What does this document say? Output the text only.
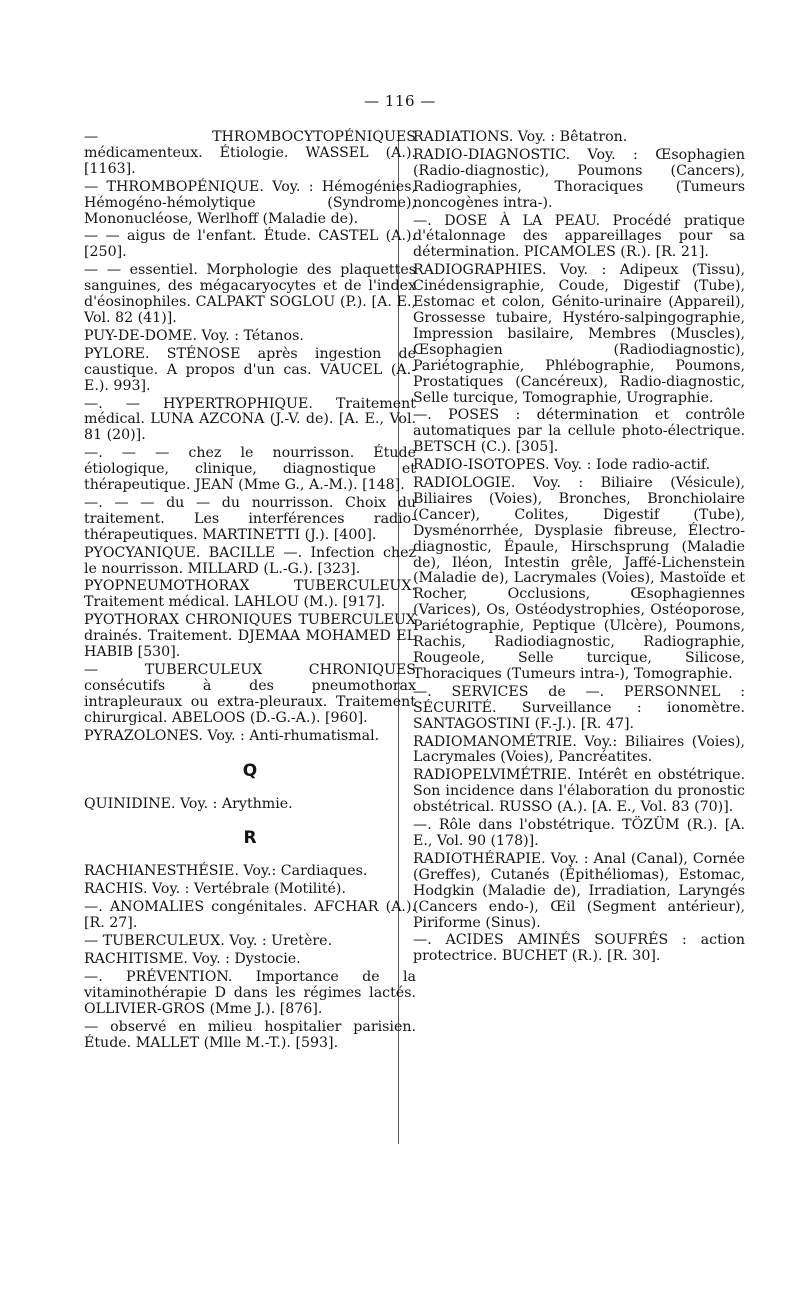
— 116 —

— THROMBOCYTOPÉNIQUES médicamenteux. Étiologie. WASSEL (A.). [1163].

— THROMBOPÉNIQUE. Voy. : Hémogénies, Hémogéno-hémolytique (Syndrome), Mononucléose, Werlhoff (Maladie de).

— — aigus de l'enfant. Étude. CASTEL (A.). [250].

— — essentiel. Morphologie des plaquettes sanguines, des mégacaryocytes et de l'index d'éosinophiles. CALPAKT SOGLOU (P.). [A. E., Vol. 82 (41)].

PUY-DE-DOME. Voy. : Tétanos.

PYLORE. STÉNOSE après ingestion de caustique. A propos d'un cas. VAUCEL (A.-E.). 993].

—. — HYPERTROPHIQUE. Traitement médical. LUNA AZCONA (J.-V. de). [A. E., Vol. 81 (20)].

—. — — chez le nourrisson. Étude étiologique, clinique, diagnostique et thérapeutique. JEAN (Mme G., A.-M.). [148].

—. — — du — du nourrisson. Choix du traitement. Les interférences radio-thérapeutiques. MARTINETTI (J.). [400].

PYOCYANIQUE. BACILLE —. Infection chez le nourrisson. MILLARD (L.-G.). [323].

PYOPNEUMOTHORAX TUBERCULEUX. Traitement médical. LAHLOU (M.). [917].

PYOTHORAX CHRONIQUES TUBERCULEUX drainés. Traitement. DJEMAA MOHAMED EL HABIB [530].

— TUBERCULEUX CHRONIQUES consécutifs à des pneumothorax intrapleuraux ou extra-pleuraux. Traitement chirurgical. ABELOOS (D.-G.-A.). [960].

PYRAZOLONES. Voy. : Anti-rhumatismal.

Q

QUINIDINE. Voy. : Arythmie.

R

RACHIANESTHÉSIE. Voy.: Cardiaques.

RACHIS. Voy. : Vertébrale (Motilité).

—. ANOMALIES congénitales. AFCHAR (A.). [R. 27].

— TUBERCULEUX. Voy. : Uretère.

RACHITISME. Voy. : Dystocie.

—. PRÉVENTION. Importance de la vitaminothérapie D dans les régimes lactés. OLLIVIER-GROS (Mme J.). [876].

— observé en milieu hospitalier parisien. Étude. MALLET (Mlle M.-T.). [593].

RADIATIONS. Voy. : Bêtatron.

RADIO-DIAGNOSTIC. Voy. : Œsophagien (Radio-diagnostic), Poumons (Cancers), Radiographies, Thoraciques (Tumeurs noncogènes intra-).

—. DOSE À LA PEAU. Procédé pratique d'étalonnage des appareillages pour sa détermination. PICAMOLES (R.). [R. 21].

RADIOGRAPHIES. Voy. : Adipeux (Tissu), Cinédensigraphie, Coude, Digestif (Tube), Estomac et colon, Génito-urinaire (Appareil), Grossesse tubaire, Hystéro-salpingographie, Impression basilaire, Membres (Muscles), Œsophagien (Radiodiagnostic), Pariétographie, Phlébographie, Poumons, Prostatiques (Cancéreux), Radio-diagnostic, Selle turcique, Tomographie, Urographie.

—. POSES : détermination et contrôle automatiques par la cellule photo-électrique. BETSCH (C.). [305].

RADIO-ISOTOPES. Voy. : Iode radio-actif.

RADIOLOGIE. Voy. : Biliaire (Vésicule), Biliaires (Voies), Bronches, Bronchiolaire (Cancer), Colites, Digestif (Tube), Dysménorrhée, Dysplasie fibreuse, Électro-diagnostic, Épaule, Hirschsprung (Maladie de), Iléon, Intestin grêle, Jaffé-Lichenstein (Maladie de), Lacrymales (Voies), Mastoïde et Rocher, Occlusions, Œsophagiennes (Varices), Os, Ostéodystrophies, Ostéoporose, Pariétographie, Peptique (Ulcère), Poumons, Rachis, Radiodiagnostic, Radiographie, Rougeole, Selle turcique, Silicose, Thoraciques (Tumeurs intra-), Tomographie.

—. SERVICES de —. PERSONNEL : SÉCURITÉ. Surveillance : ionomètre. SANTAGOSTINI (F.-J.). [R. 47].

RADIOMANOMÉTRIE. Voy.: Biliaires (Voies), Lacrymales (Voies), Pancréatites.

RADIOPELVIMÉTRIE. Intérêt en obstétrique. Son incidence dans l'élaboration du pronostic obstétrical. RUSSO (A.). [A. E., Vol. 83 (70)].

—. Rôle dans l'obstétrique. TÖZÜM (R.). [A. E., Vol. 90 (178)].

RADIOTHÉRAPIE. Voy. : Anal (Canal), Cornée (Greffes), Cutanés (Épithéliomas), Estomac, Hodgkin (Maladie de), Irradiation, Laryngés (Cancers endo-), Œil (Segment antérieur), Piriforme (Sinus).

—. ACIDES AMINÉS SOUFRÉS : action protectrice. BUCHET (R.). [R. 30].
